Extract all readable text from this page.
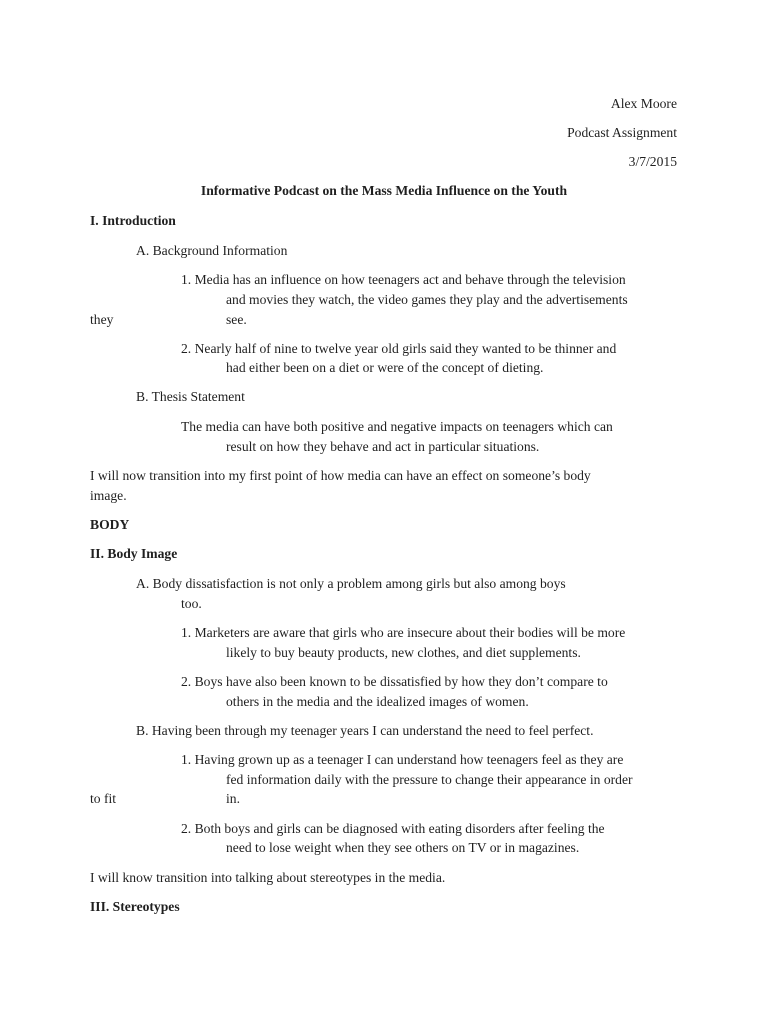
Alex Moore
Podcast Assignment
3/7/2015
Informative Podcast on the Mass Media Influence on the Youth
I. Introduction
A. Background Information
1. Media has an influence on how teenagers act and behave through the television
and movies they watch, the video games they play and the advertisements
they	see.
2. Nearly half of nine to twelve year old girls said they wanted to be thinner and
had either been on a diet or were of the concept of dieting.
B. Thesis Statement
The media can have both positive and negative impacts on teenagers which can
result on how they behave and act in particular situations.
I will now transition into my first point of how media can have an effect on someone’s body
image.
BODY
II. Body Image
A. Body dissatisfaction is not only a problem among girls but also among boys
too.
1. Marketers are aware that girls who are insecure about their bodies will be more
likely to buy beauty products, new clothes, and diet supplements.
2. Boys have also been known to be dissatisfied by how they don’t compare to
others in the media and the idealized images of women.
B. Having been through my teenager years I can understand the need to feel perfect.
1. Having grown up as a teenager I can understand how teenagers feel as they are
fed information daily with the pressure to change their appearance in order
to fit	in.
2. Both boys and girls can be diagnosed with eating disorders after feeling the
need to lose weight when they see others on TV or in magazines.
I will know transition into talking about stereotypes in the media.
III. Stereotypes
